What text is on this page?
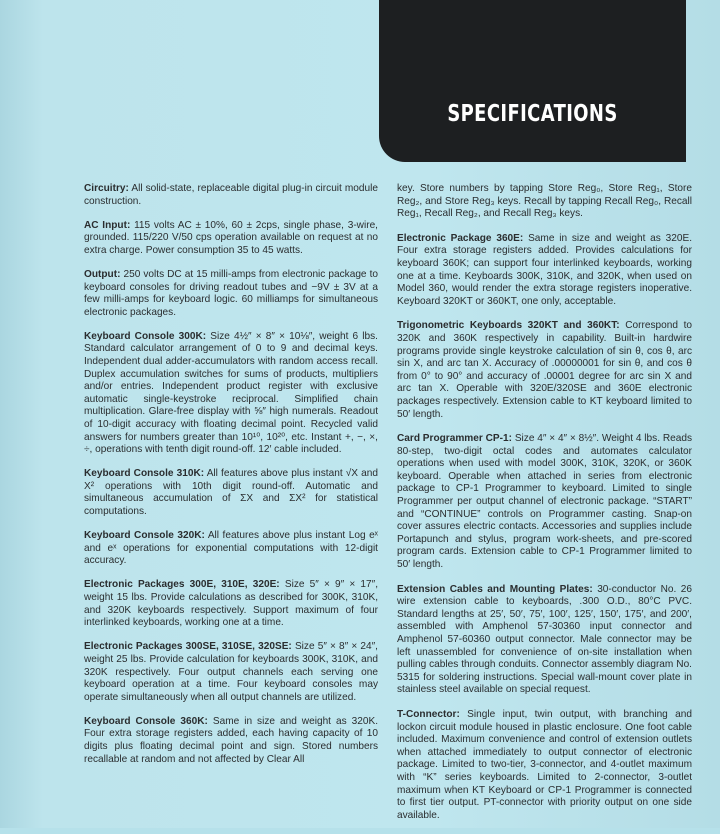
SPECIFICATIONS
Circuitry: All solid-state, replaceable digital plug-in circuit module construction.
AC Input: 115 volts AC ± 10%, 60 ± 2cps, single phase, 3-wire, grounded. 115/220 V/50 cps operation available on request at no extra charge. Power consumption 35 to 45 watts.
Output: 250 volts DC at 15 milli-amps from electronic package to keyboard consoles for driving readout tubes and −9V ± 3V at a few milli-amps for keyboard logic. 60 milliamps for simultaneous electronic packages.
Keyboard Console 300K: Size 4½″ × 8″ × 10⅛″, weight 6 lbs. Standard calculator arrangement of 0 to 9 and decimal keys. Independent dual adder-accumulators with random access recall. Duplex accumulation switches for sums of products, multipliers and/or entries. Independent product register with exclusive automatic single-keystroke reciprocal. Simplified chain multiplication. Glare-free display with ⅝″ high numerals. Readout of 10-digit accuracy with floating decimal point. Recycled valid answers for numbers greater than 10¹⁰, 10²⁰, etc. Instant +, −, ×, ÷, operations with tenth digit round-off. 12′ cable included.
Keyboard Console 310K: All features above plus instant √X and X² operations with 10th digit round-off. Automatic and simultaneous accumulation of ΣX and ΣX² for statistical computations.
Keyboard Console 320K: All features above plus instant Log eˣ and eˣ operations for exponential computations with 12-digit accuracy.
Electronic Packages 300E, 310E, 320E: Size 5″ × 9″ × 17″, weight 15 lbs. Provide calculations as described for 300K, 310K, and 320K keyboards respectively. Support maximum of four interlinked keyboards, working one at a time.
Electronic Packages 300SE, 310SE, 320SE: Size 5″ × 8″ × 24″, weight 25 lbs. Provide calculation for keyboards 300K, 310K, and 320K respectively. Four output channels each serving one keyboard operation at a time. Four keyboard consoles may operate simultaneously when all output channels are utilized.
Keyboard Console 360K: Same in size and weight as 320K. Four extra storage registers added, each having capacity of 10 digits plus floating decimal point and sign. Stored numbers recallable at random and not affected by Clear All
key. Store numbers by tapping Store Reg₀, Store Reg₁, Store Reg₂, and Store Reg₃ keys. Recall by tapping Recall Reg₀, Recall Reg₁, Recall Reg₂, and Recall Reg₃ keys.
Electronic Package 360E: Same in size and weight as 320E. Four extra storage registers added. Provides calculations for keyboard 360K; can support four interlinked keyboards, working one at a time. Keyboards 300K, 310K, and 320K, when used on Model 360, would render the extra storage registers inoperative. Keyboard 320KT or 360KT, one only, acceptable.
Trigonometric Keyboards 320KT and 360KT: Correspond to 320K and 360K respectively in capability. Built-in hardwire programs provide single keystroke calculation of sin θ, cos θ, arc sin X, and arc tan X. Accuracy of .00000001 for sin θ, and cos θ from 0° to 90° and accuracy of .00001 degree for arc sin X and arc tan X. Operable with 320E/320SE and 360E electronic packages respectively. Extension cable to KT keyboard limited to 50′ length.
Card Programmer CP-1: Size 4″ × 4″ × 8½″. Weight 4 lbs. Reads 80-step, two-digit octal codes and automates calculator operations when used with model 300K, 310K, 320K, or 360K keyboard. Operable when attached in series from electronic package to CP-1 Programmer to keyboard. Limited to single Programmer per output channel of electronic package. “START” and “CONTINUE” controls on Programmer casting. Snap-on cover assures electric contacts. Accessories and supplies include Portapunch and stylus, program work-sheets, and pre-scored program cards. Extension cable to CP-1 Programmer limited to 50′ length.
Extension Cables and Mounting Plates: 30-conductor No. 26 wire extension cable to keyboards, .300 O.D., 80°C PVC. Standard lengths at 25′, 50′, 75′, 100′, 125′, 150′, 175′, and 200′, assembled with Amphenol 57-30360 input connector and Amphenol 57-60360 output connector. Male connector may be left unassembled for convenience of on-site installation when pulling cables through conduits. Connector assembly diagram No. 5315 for soldering instructions. Special wall-mount cover plate in stainless steel available on special request.
T-Connector: Single input, twin output, with branching and lockon circuit module housed in plastic enclosure. One foot cable included. Maximum convenience and control of extension outlets when attached immediately to output connector of electronic package. Limited to two-tier, 3-connector, and 4-outlet maximum with “K” series keyboards. Limited to 2-connector, 3-outlet maximum when KT Keyboard or CP-1 Programmer is connected to first tier output. PT-connector with priority output on one side available.
